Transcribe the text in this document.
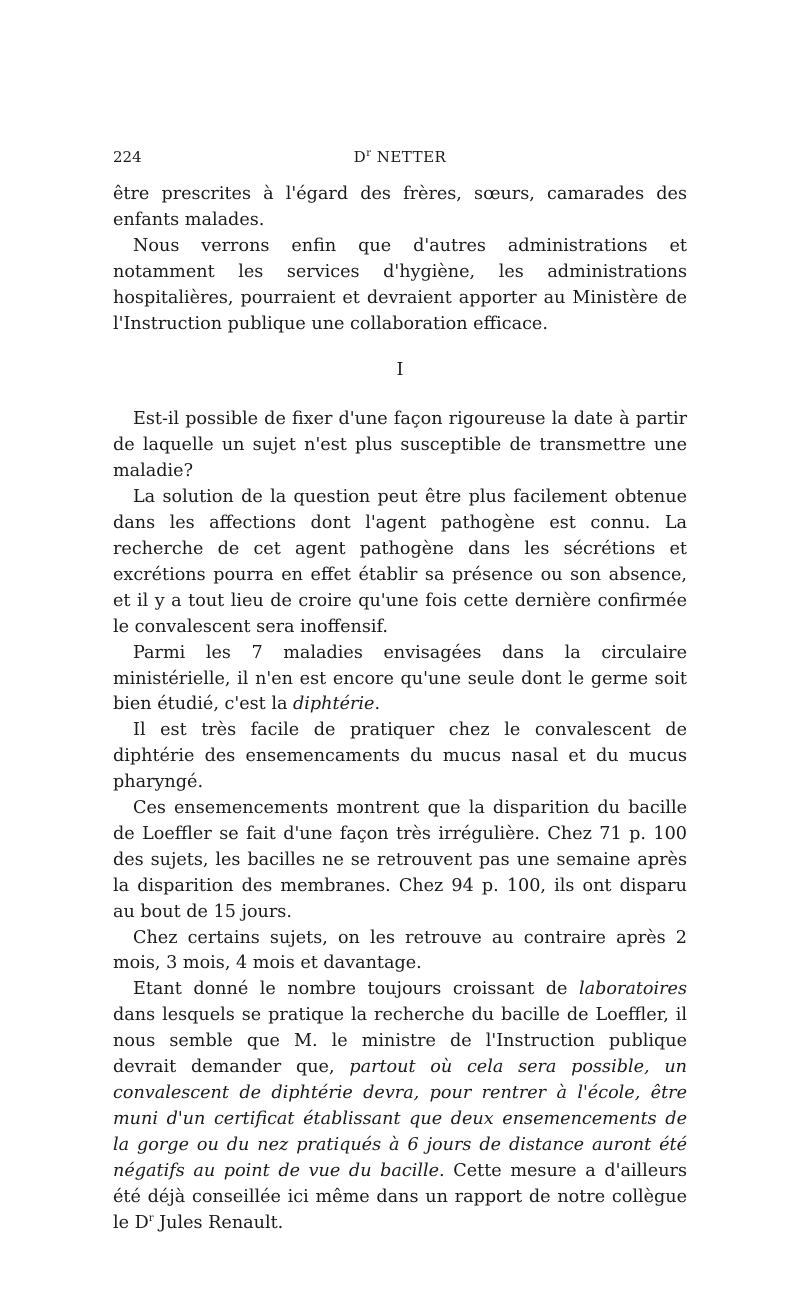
224	$D^r$ NETTER

être prescrites à l'égard des frères, sœurs, camarades des enfants malades.

Nous verrons enfin que d'autres administrations et notamment les services d'hygiène, les administrations hospitalières, pourraient et devraient apporter au Ministère de l'Instruction publique une collaboration efficace.

I

Est-il possible de fixer d'une façon rigoureuse la date à partir de laquelle un sujet n'est plus susceptible de transmettre une maladie?

La solution de la question peut être plus facilement obtenue dans les affections dont l'agent pathogène est connu. La recherche de cet agent pathogène dans les sécrétions et excrétions pourra en effet établir sa présence ou son absence, et il y a tout lieu de croire qu'une fois cette dernière confirmée le convalescent sera inoffensif.

Parmi les 7 maladies envisagées dans la circulaire ministérielle, il n'en est encore qu'une seule dont le germe soit bien étudié, c'est la diphtérie.

Il est très facile de pratiquer chez le convalescent de diphtérie des ensemencaments du mucus nasal et du mucus pharyngé.

Ces ensemencements montrent que la disparition du bacille de Loeffler se fait d'une façon très irrégulière. Chez 71 p. 100 des sujets, les bacilles ne se retrouvent pas une semaine après la disparition des membranes. Chez 94 p. 100, ils ont disparu au bout de 15 jours.

Chez certains sujets, on les retrouve au contraire après 2 mois, 3 mois, 4 mois et davantage.

Etant donné le nombre toujours croissant de laboratoires dans lesquels se pratique la recherche du bacille de Loeffler, il nous semble que M. le ministre de l'Instruction publique devrait demander que, partout où cela sera possible, un convalescent de diphtérie devra, pour rentrer à l'école, être muni d'un certificat établissant que deux ensemencements de la gorge ou du nez pratiqués à 6 jours de distance auront été négatifs au point de vue du bacille. Cette mesure a d'ailleurs été déjà conseillée ici même dans un rapport de notre collègue le $D^r$ Jules Renault.
